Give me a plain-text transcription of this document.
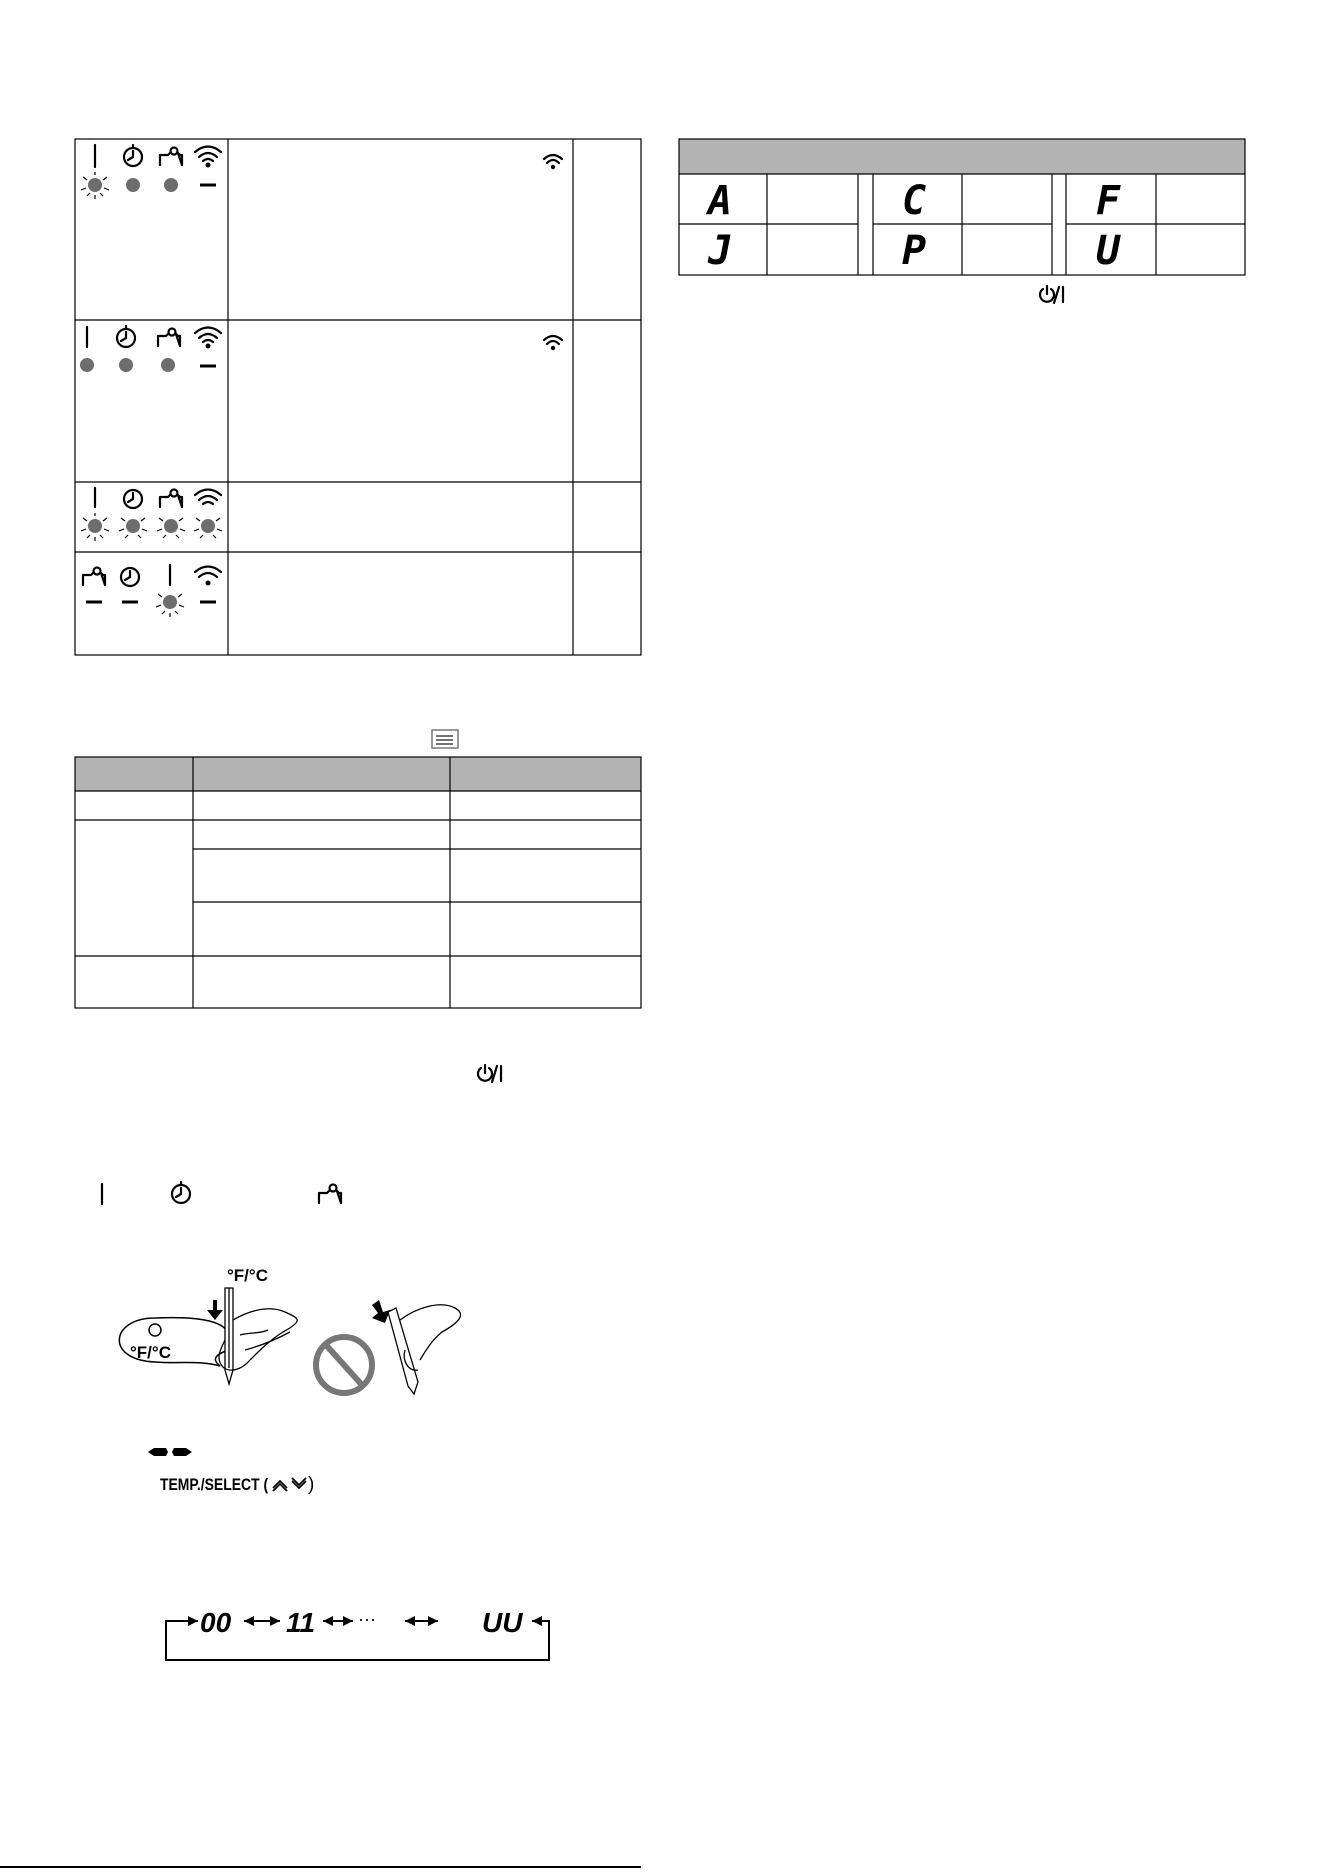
°F/°C
°F/°C
TEMP./SELECT ( )
00 11 ···	UU
A	C	F
J	P	U
